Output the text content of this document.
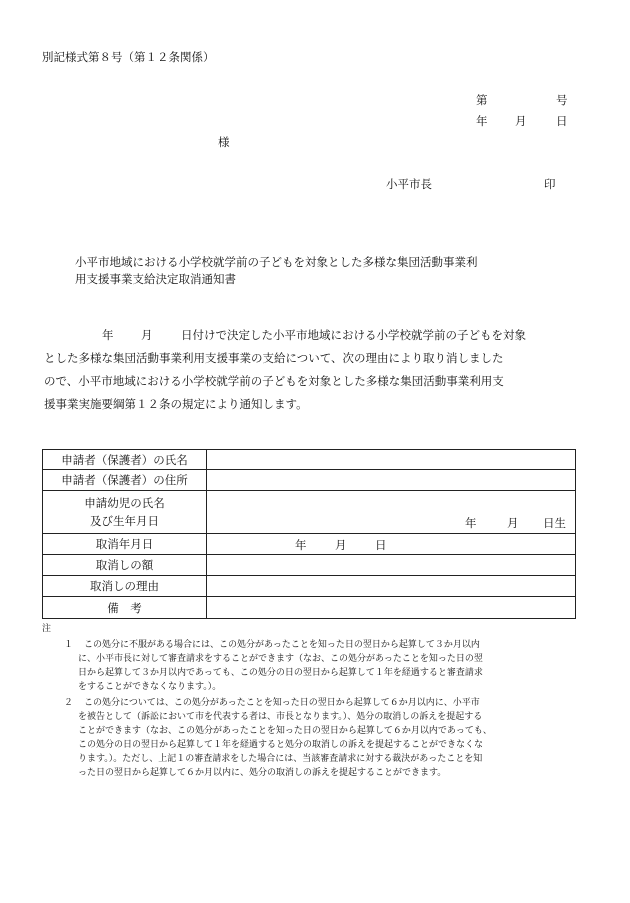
別記様式第８号（第１２条関係）
第	号
年 月	日
様
小平市長	印
小平市地域における小学校就学前の子どもを対象とした多様な集団活動事業利
用支援事業支給決定取消通知書
年 月 日付けで決定した小平市地域における小学校就学前の子どもを対象
とした多様な集団活動事業利用支援事業の支給について、次の理由により取り消しました
ので、小平市地域における小学校就学前の子どもを対象とした多様な集団活動事業利用支
援事業実施要綱第１２条の規定により通知します。
申請者（保護者）の氏名
申請者（保護者）の住所
申請幼児の氏名
及び生年月日	年	月 日生
取消年月日	年 月 日
取消しの額
取消しの理由
備　考
注
１	この処分に不服がある場合には、この処分があったことを知った日の翌日から起算して３か月以内
に、小平市長に対して審査請求をすることができます（なお、この処分があったことを知った日の翌
日から起算して３か月以内であっても、この処分の日の翌日から起算して１年を経過すると審査請求
をすることができなくなります。）。
２	この処分については、この処分があったことを知った日の翌日から起算して６か月以内に、小平市
を被告として（訴訟において市を代表する者は、市長となります。）、処分の取消しの訴えを提起する
ことができます（なお、この処分があったことを知った日の翌日から起算して６か月以内であっても、
この処分の日の翌日から起算して１年を経過すると処分の取消しの訴えを提起することができなくな
ります。）。ただし、上記１の審査請求をした場合には、当該審査請求に対する裁決があったことを知
った日の翌日から起算して６か月以内に、処分の取消しの訴えを提起することができます。
